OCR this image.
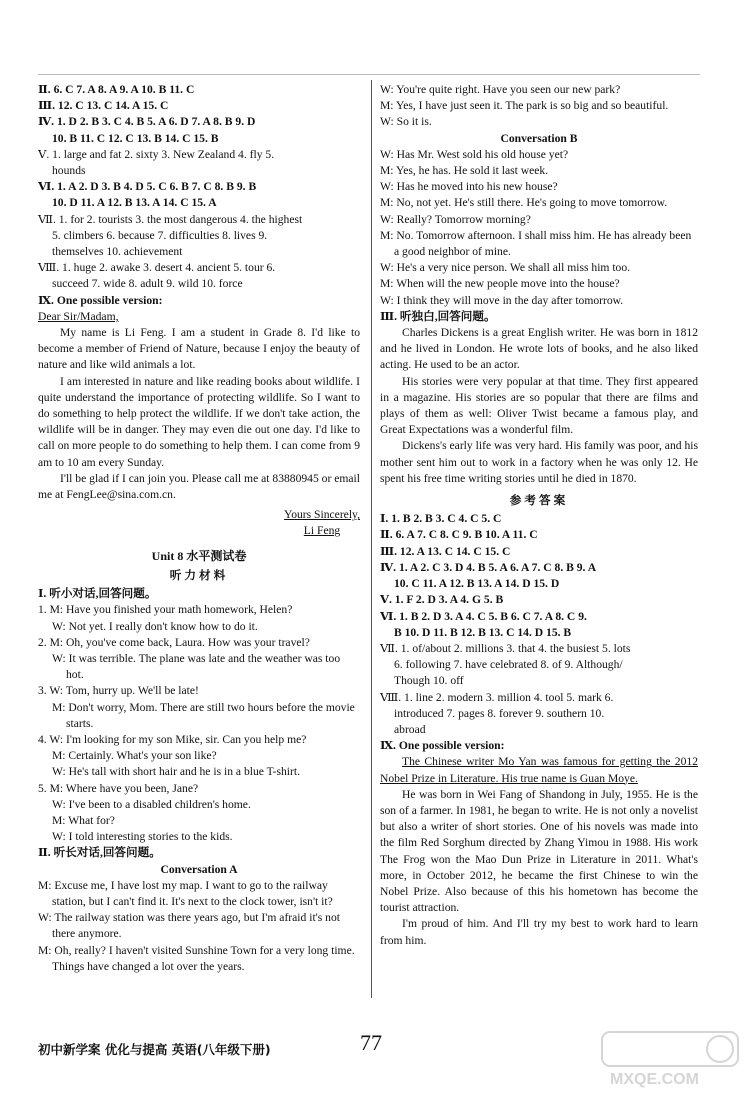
Ⅱ. 6. C 7. A 8. A 9. A 10. B 11. C

Ⅲ. 12. C 13. C 14. A 15. C

Ⅳ. 1. D 2. B 3. C 4. B 5. A 6. D 7. A 8. B 9. D

10. B 11. C 12. C 13. B 14. C 15. B

Ⅴ. 1. large and fat 2. sixty 3. New Zealand 4. fly 5.

hounds

Ⅵ. 1. A 2. D 3. B 4. D 5. C 6. B 7. C 8. B 9. B

10. D 11. A 12. B 13. A 14. C 15. A

Ⅶ. 1. for 2. tourists 3. the most dangerous 4. the highest

5. climbers 6. because 7. difficulties 8. lives 9.

themselves 10. achievement

Ⅷ. 1. huge 2. awake 3. desert 4. ancient 5. tour 6.

succeed 7. wide 8. adult 9. wild 10. force

Ⅸ. One possible version:

Dear Sir/Madam,

My name is Li Feng. I am a student in Grade 8. I'd like to become a member of Friend of Nature, because I enjoy the beauty of nature and like wild animals a lot.

I am interested in nature and like reading books about wildlife. I quite understand the importance of protecting wildlife. So I want to do something to help protect the wildlife. If we don't take action, the wildlife will be in danger. They may even die out one day. I'd like to call on more people to do something to help them. I can come from 9 am to 10 am every Sunday.

I'll be glad if I can join you. Please call me at 83880945 or email me at FengLee@sina.com.cn.

Yours Sincerely,

Li Feng

Unit 8 水平测试卷
听力材料

Ⅰ. 听小对话,回答问题。

1. M: Have you finished your math homework, Helen?

W: Not yet. I really don't know how to do it.

2. M: Oh, you've come back, Laura. How was your travel?

W: It was terrible. The plane was late and the weather was too hot.

3. W: Tom, hurry up. We'll be late!

M: Don't worry, Mom. There are still two hours before the movie starts.

4. W: I'm looking for my son Mike, sir. Can you help me?

M: Certainly. What's your son like?

W: He's tall with short hair and he is in a blue T-shirt.

5. M: Where have you been, Jane?

W: I've been to a disabled children's home.

M: What for?

W: I told interesting stories to the kids.

Ⅱ. 听长对话,回答问题。

Conversation A

M: Excuse me, I have lost my map. I want to go to the railway station, but I can't find it. It's next to the clock tower, isn't it?

W: The railway station was there years ago, but I'm afraid it's not there anymore.

M: Oh, really? I haven't visited Sunshine Town for a very long time. Things have changed a lot over the years.

W: You're quite right. Have you seen our new park?

M: Yes, I have just seen it. The park is so big and so beautiful.

W: So it is.

Conversation B

W: Has Mr. West sold his old house yet?

M: Yes, he has. He sold it last week.

W: Has he moved into his new house?

M: No, not yet. He's still there. He's going to move tomorrow.

W: Really? Tomorrow morning?

M: No. Tomorrow afternoon. I shall miss him. He has already been a good neighbor of mine.

W: He's a very nice person. We shall all miss him too.

M: When will the new people move into the house?

W: I think they will move in the day after tomorrow.

Ⅲ. 听独白,回答问题。

Charles Dickens is a great English writer. He was born in 1812 and he lived in London. He wrote lots of books, and he also liked acting. He used to be an actor.

His stories were very popular at that time. They first appeared in a magazine. His stories are so popular that there are films and plays of them as well: Oliver Twist became a famous play, and Great Expectations was a wonderful film.

Dickens's early life was very hard. His family was poor, and his mother sent him out to work in a factory when he was only 12. He spent his free time writing stories until he died in 1870.

参考答案

Ⅰ. 1. B 2. B 3. C 4. C 5. C

Ⅱ. 6. A 7. C 8. C 9. B 10. A 11. C

Ⅲ. 12. A 13. C 14. C 15. C

Ⅳ. 1. A 2. C 3. D 4. B 5. A 6. A 7. C 8. B 9. A

10. C 11. A 12. B 13. A 14. D 15. D

Ⅴ. 1. F 2. D 3. A 4. G 5. B

Ⅵ. 1. B 2. D 3. A 4. C 5. B 6. C 7. A 8. C 9.

B 10. D 11. B 12. B 13. C 14. D 15. B

Ⅶ. 1. of/about 2. millions 3. that 4. the busiest 5. lots

6. following 7. have celebrated 8. of 9. Although/

Though 10. off

Ⅷ. 1. line 2. modern 3. million 4. tool 5. mark 6.

introduced 7. pages 8. forever 9. southern 10.

abroad

Ⅸ. One possible version:

The Chinese writer Mo Yan was famous for getting the 2012 Nobel Prize in Literature. His true name is Guan Moye.

He was born in Wei Fang of Shandong in July, 1955. He is the son of a farmer. In 1981, he began to write. He is not only a novelist but also a writer of short stories. One of his novels was made into the film Red Sorghum directed by Zhang Yimou in 1988. His work The Frog won the Mao Dun Prize in Literature in 2011. What's more, in October 2012, he became the first Chinese to win the Nobel Prize. Also because of this his hometown has become the tourist attraction.

I'm proud of him. And I'll try my best to work hard to learn from him.

初中新学案 优化与提高 英语(八年级下册)	77
MXQE.COM
